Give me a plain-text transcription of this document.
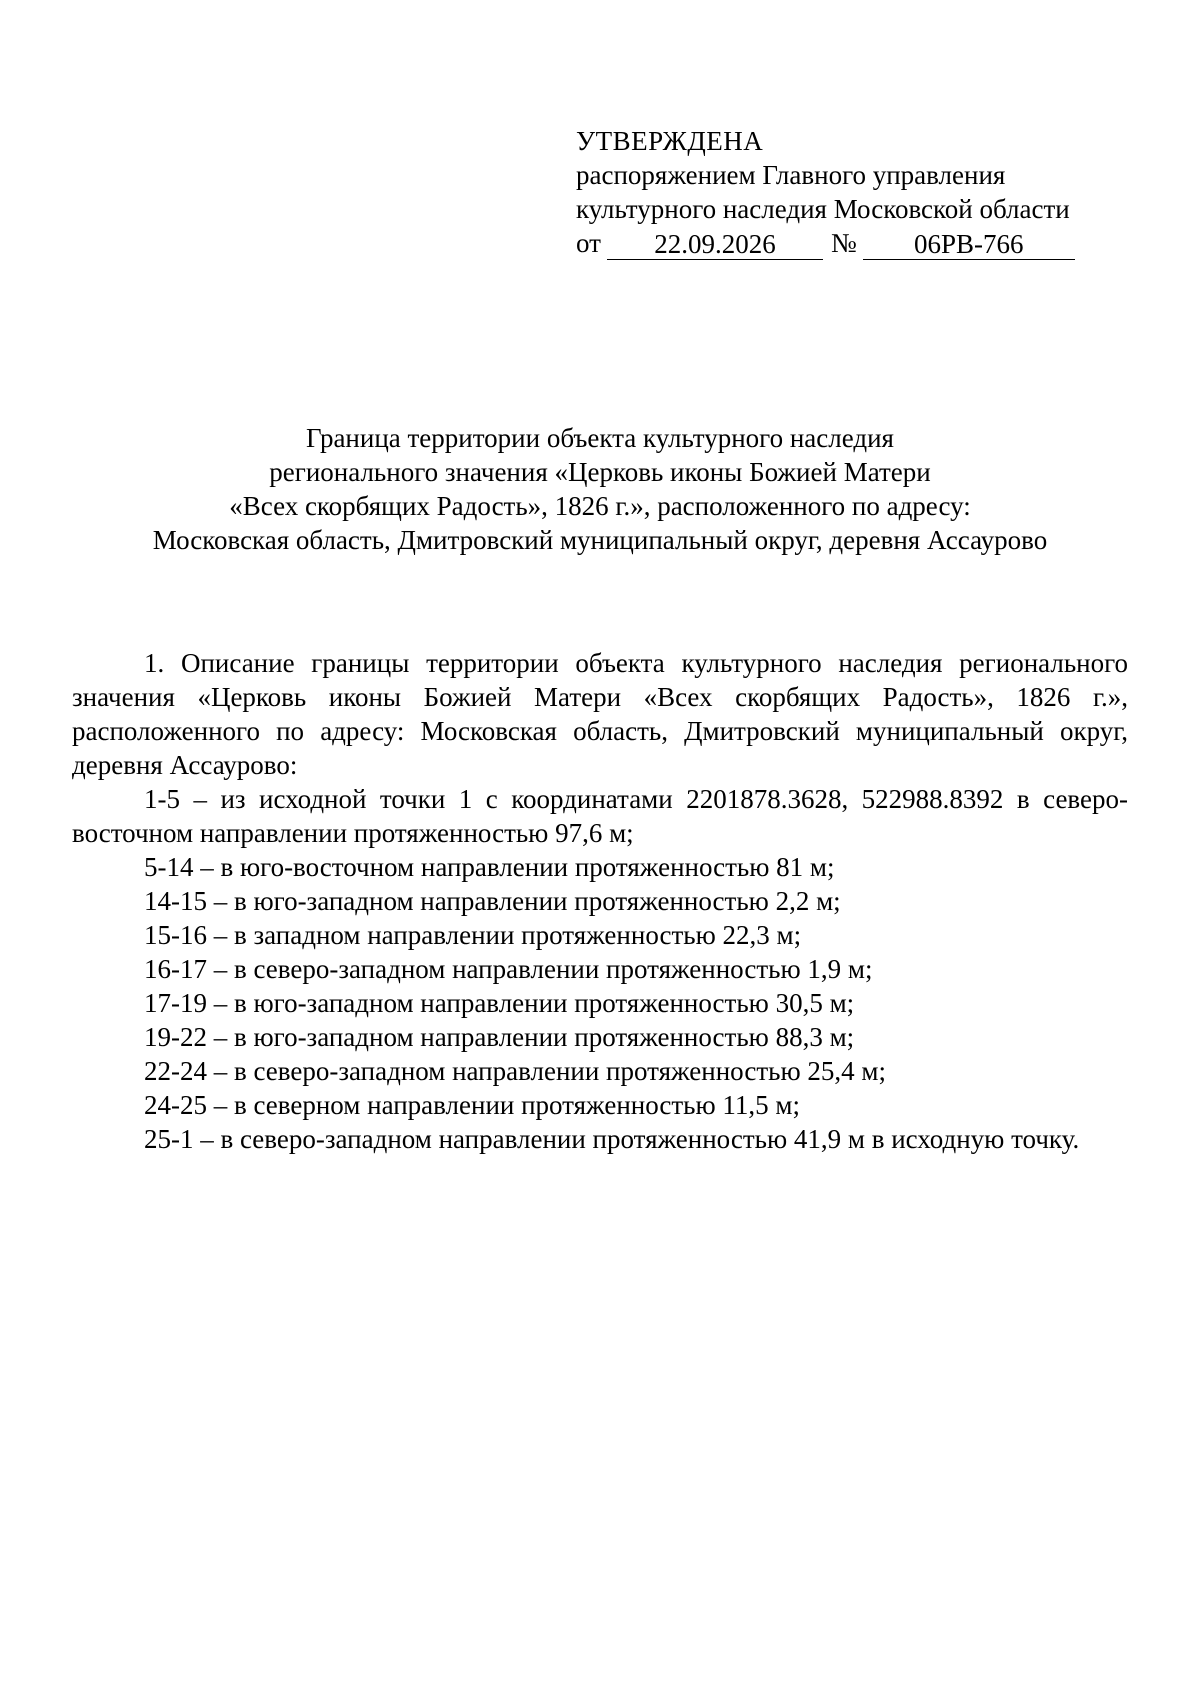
УТВЕРЖДЕНА
распоряжением Главного управления
культурного наследия Московской области
от	22.09.2026	№	06РВ-766
Граница территории объекта культурного наследия
регионального значения «Церковь иконы Божией Матери
«Всех скорбящих Радость», 1826 г.», расположенного по адресу:
Московская область, Дмитровский муниципальный округ, деревня Ассаурово

1. Описание границы территории объекта культурного наследия регионального значения «Церковь иконы Божией Матери «Всех скорбящих Радость», 1826 г.», расположенного по адресу: Московская область, Дмитровский муниципальный округ, деревня Ассаурово:

1-5 – из исходной точки 1 с координатами 2201878.3628, 522988.8392 в северо-восточном направлении протяженностью 97,6 м;
5-14 – в юго-восточном направлении протяженностью 81 м;
14-15 – в юго-западном направлении протяженностью 2,2 м;
15-16 – в западном направлении протяженностью 22,3 м;
16-17 – в северо-западном направлении протяженностью 1,9 м;
17-19 – в юго-западном направлении протяженностью 30,5 м;
19-22 – в юго-западном направлении протяженностью 88,3 м;
22-24 – в северо-западном направлении протяженностью 25,4 м;
24-25 – в северном направлении протяженностью 11,5 м;
25-1 – в северо-западном направлении протяженностью 41,9 м в исходную точку.
